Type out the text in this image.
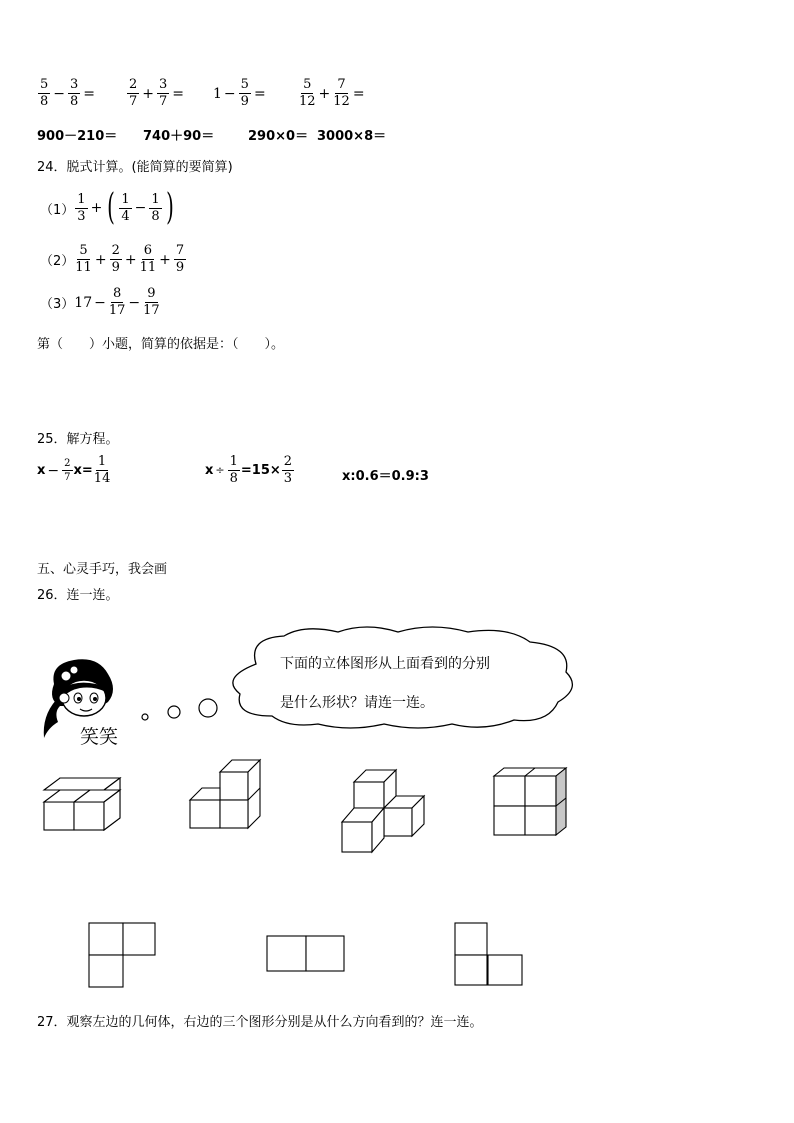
$\frac{5}{8} - \frac{3}{8} = \frac{2}{7} + \frac{3}{7} = 1 - \frac{5}{9}$ =	$\frac{5}{12} + \frac{7}{12}$ =
900－210＝ 740＋90＝	290×0＝ 3000×8＝
24．脱式计算。(能简算的要简算)
$(1) \frac{1}{3}$ + ( $\frac{1}{4} - \frac{1}{8}$ )
$(2) \frac{5}{11} + \frac{2}{9} + \frac{6}{11} + \frac{7}{9}$
（3） $17 - \frac{8}{17} - \frac{9}{17}$
第（　　）小题，简算的依据是：（　　）。
25．解方程。
$x - \frac{2}{7}$ $x = \frac{1}{14}$	$x \div \frac{1}{8} =15\times \frac{2}{3}$	x:0.6＝0.9:3
五、心灵手巧，我会画
26．连一连。
笑笑
下面的立体图形从上面看到的分别
是什么形状？请连一连。
27．观察左边的几何体，右边的三个图形分别是从什么方向看到的？连一连。
